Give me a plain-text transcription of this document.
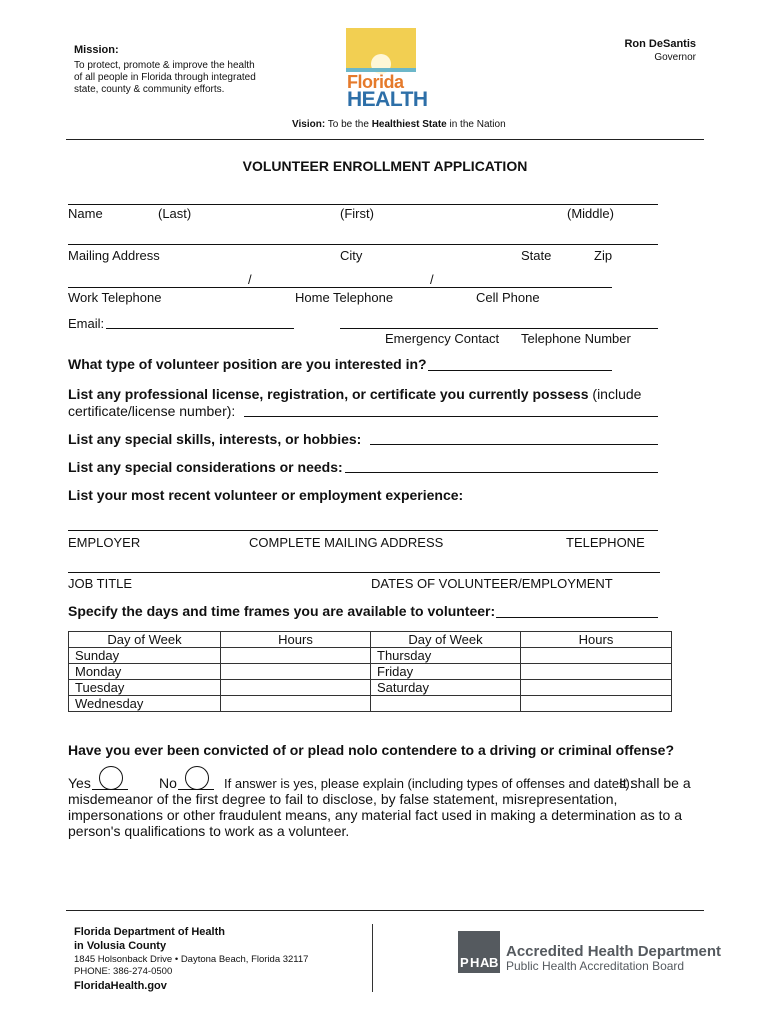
Mission:
To protect, promote & improve the health
of all people in Florida through integrated
state, county & community efforts.	Florida
HEALTH
Ron DeSantis
Governor
Vision: To be the Healthiest State in the Nation
VOLUNTEER ENROLLMENT APPLICATION
Name	(Last)	(First)	(Middle)
Mailing Address	City	State	Zip
/	/
Work Telephone	Home Telephone	Cell Phone
Email:
Emergency Contact Telephone Number
What type of volunteer position are you interested in?
List any professional license, registration, or certificate you currently possess (include
certificate/license number):
List any special skills, interests, or hobbies:
List any special considerations or needs:
List your most recent volunteer or employment experience:
EMPLOYER	COMPLETE MAILING ADDRESS	TELEPHONE
JOB TITLE	DATES OF VOLUNTEER/EMPLOYMENT
Specify the days and time frames you are available to volunteer:
Day of Week	Hours	Day of Week	Hours
Sunday		Thursday	
Monday		Friday	
Tuesday		Saturday	
Wednesday			
Have you ever been convicted of or plead nolo contendere to a driving or criminal offense?
Yes	No	If answer is yes, please explain (including types of offenses and dates):
It shall be a
misdemeanor of the first degree to fail to disclose, by false statement, misrepresentation,
impersonations or other fraudulent means, any material fact used in making a determination as to a
person's qualifications to work as a volunteer.
Florida Department of Health
in Volusia County
1845 Holsonback Drive • Daytona Beach, Florida 32117
PHONE: 386-274-0500
FloridaHealth.gov
P H A B
Accredited Health Department
Public Health Accreditation Board
